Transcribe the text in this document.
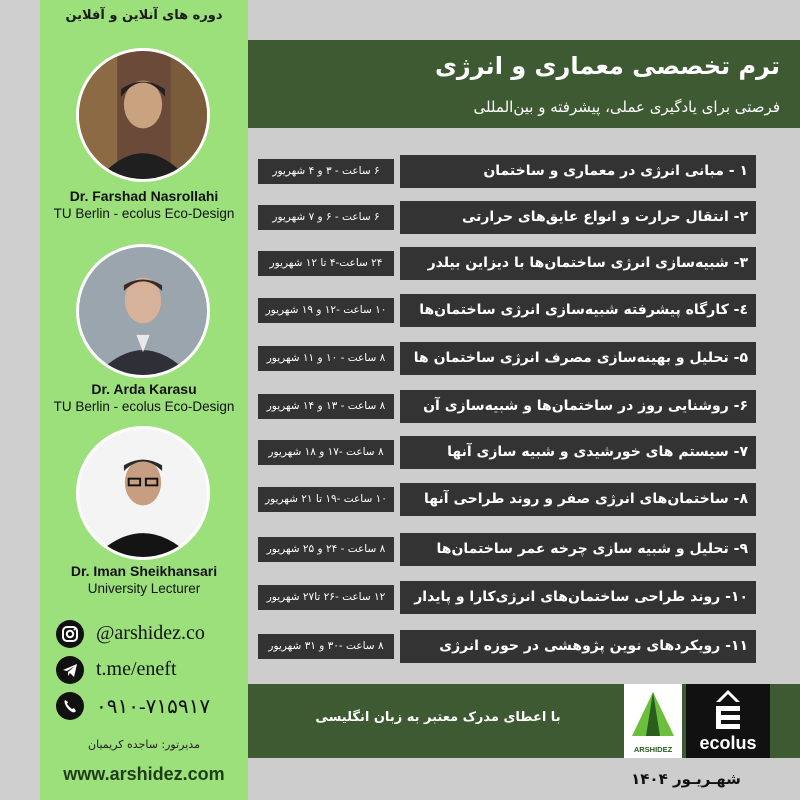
ترم تخصصی معماری و انرژی
فرصتی برای یادگیری عملی، پیشرفته و بین‌المللی
۶ ساعت - ۳ و ۴ شهریور	۱ - مبانی انرژی در معماری و ساختمان
۶ ساعت - ۶ و ۷ شهریور	۲- انتقال حرارت و انواع عایق‌های حرارتی
۲۴ ساعت-۴ تا ۱۲ شهریور	۳- شبیه‌سازی انرژی ساختمان‌ها با دیزاین بیلدر
۱۰ ساعت -۱۲ و ۱۹ شهریور	٤- کارگاه پیشرفته شبیه‌سازی انرژی ساختمان‌ها
۸ ساعت - ۱۰ و ۱۱ شهریور	۵- تحلیل و بهینه‌سازی مصرف انرژی ساختمان ها
۸ ساعت - ۱۳ و ۱۴ شهریور	۶- روشنایی روز در ساختمان‌ها و شبیه‌سازی آن
۸ ساعت -۱۷ و ۱۸ شهریور	۷- سیستم های خورشیدی و شبیه سازی آنها
۱۰ ساعت -۱۹ تا ۲۱ شهریور	۸- ساختمان‌های انرژی صفر و روند طراحی آنها
۸ ساعت - ۲۴ و ۲۵ شهریور	۹- تحلیل و شبیه سازی چرخه عمر ساختمان‌ها
۱۲ ساعت -۲۶ تا۲۷ شهریور	۱۰- روند طراحی ساختمان‌های انرژی‌کارا و پایدار
۸ ساعت -۳۰ و ۳۱ شهریور	۱۱- رویکردهای نوین پژوهشی در حوزه انرژی
دوره های آنلاین و آفلاین
Dr. Farshad Nasrollahi
TU Berlin - ecolus Eco-Design
Dr. Arda Karasu
TU Berlin - ecolus Eco-Design
Dr. Iman Sheikhansari
University Lecturer
@arshidez.co
t.me/eneft
۰۹۱۰-۷۱۵۹۱۷
مدیرتور: ساجده کریمیان
www.arshidez.com
با اعطای مدرک معتبر به زبان انگلیسی
ARSHIDEZ	ecolus
شهـریـور ۱۴۰۴
